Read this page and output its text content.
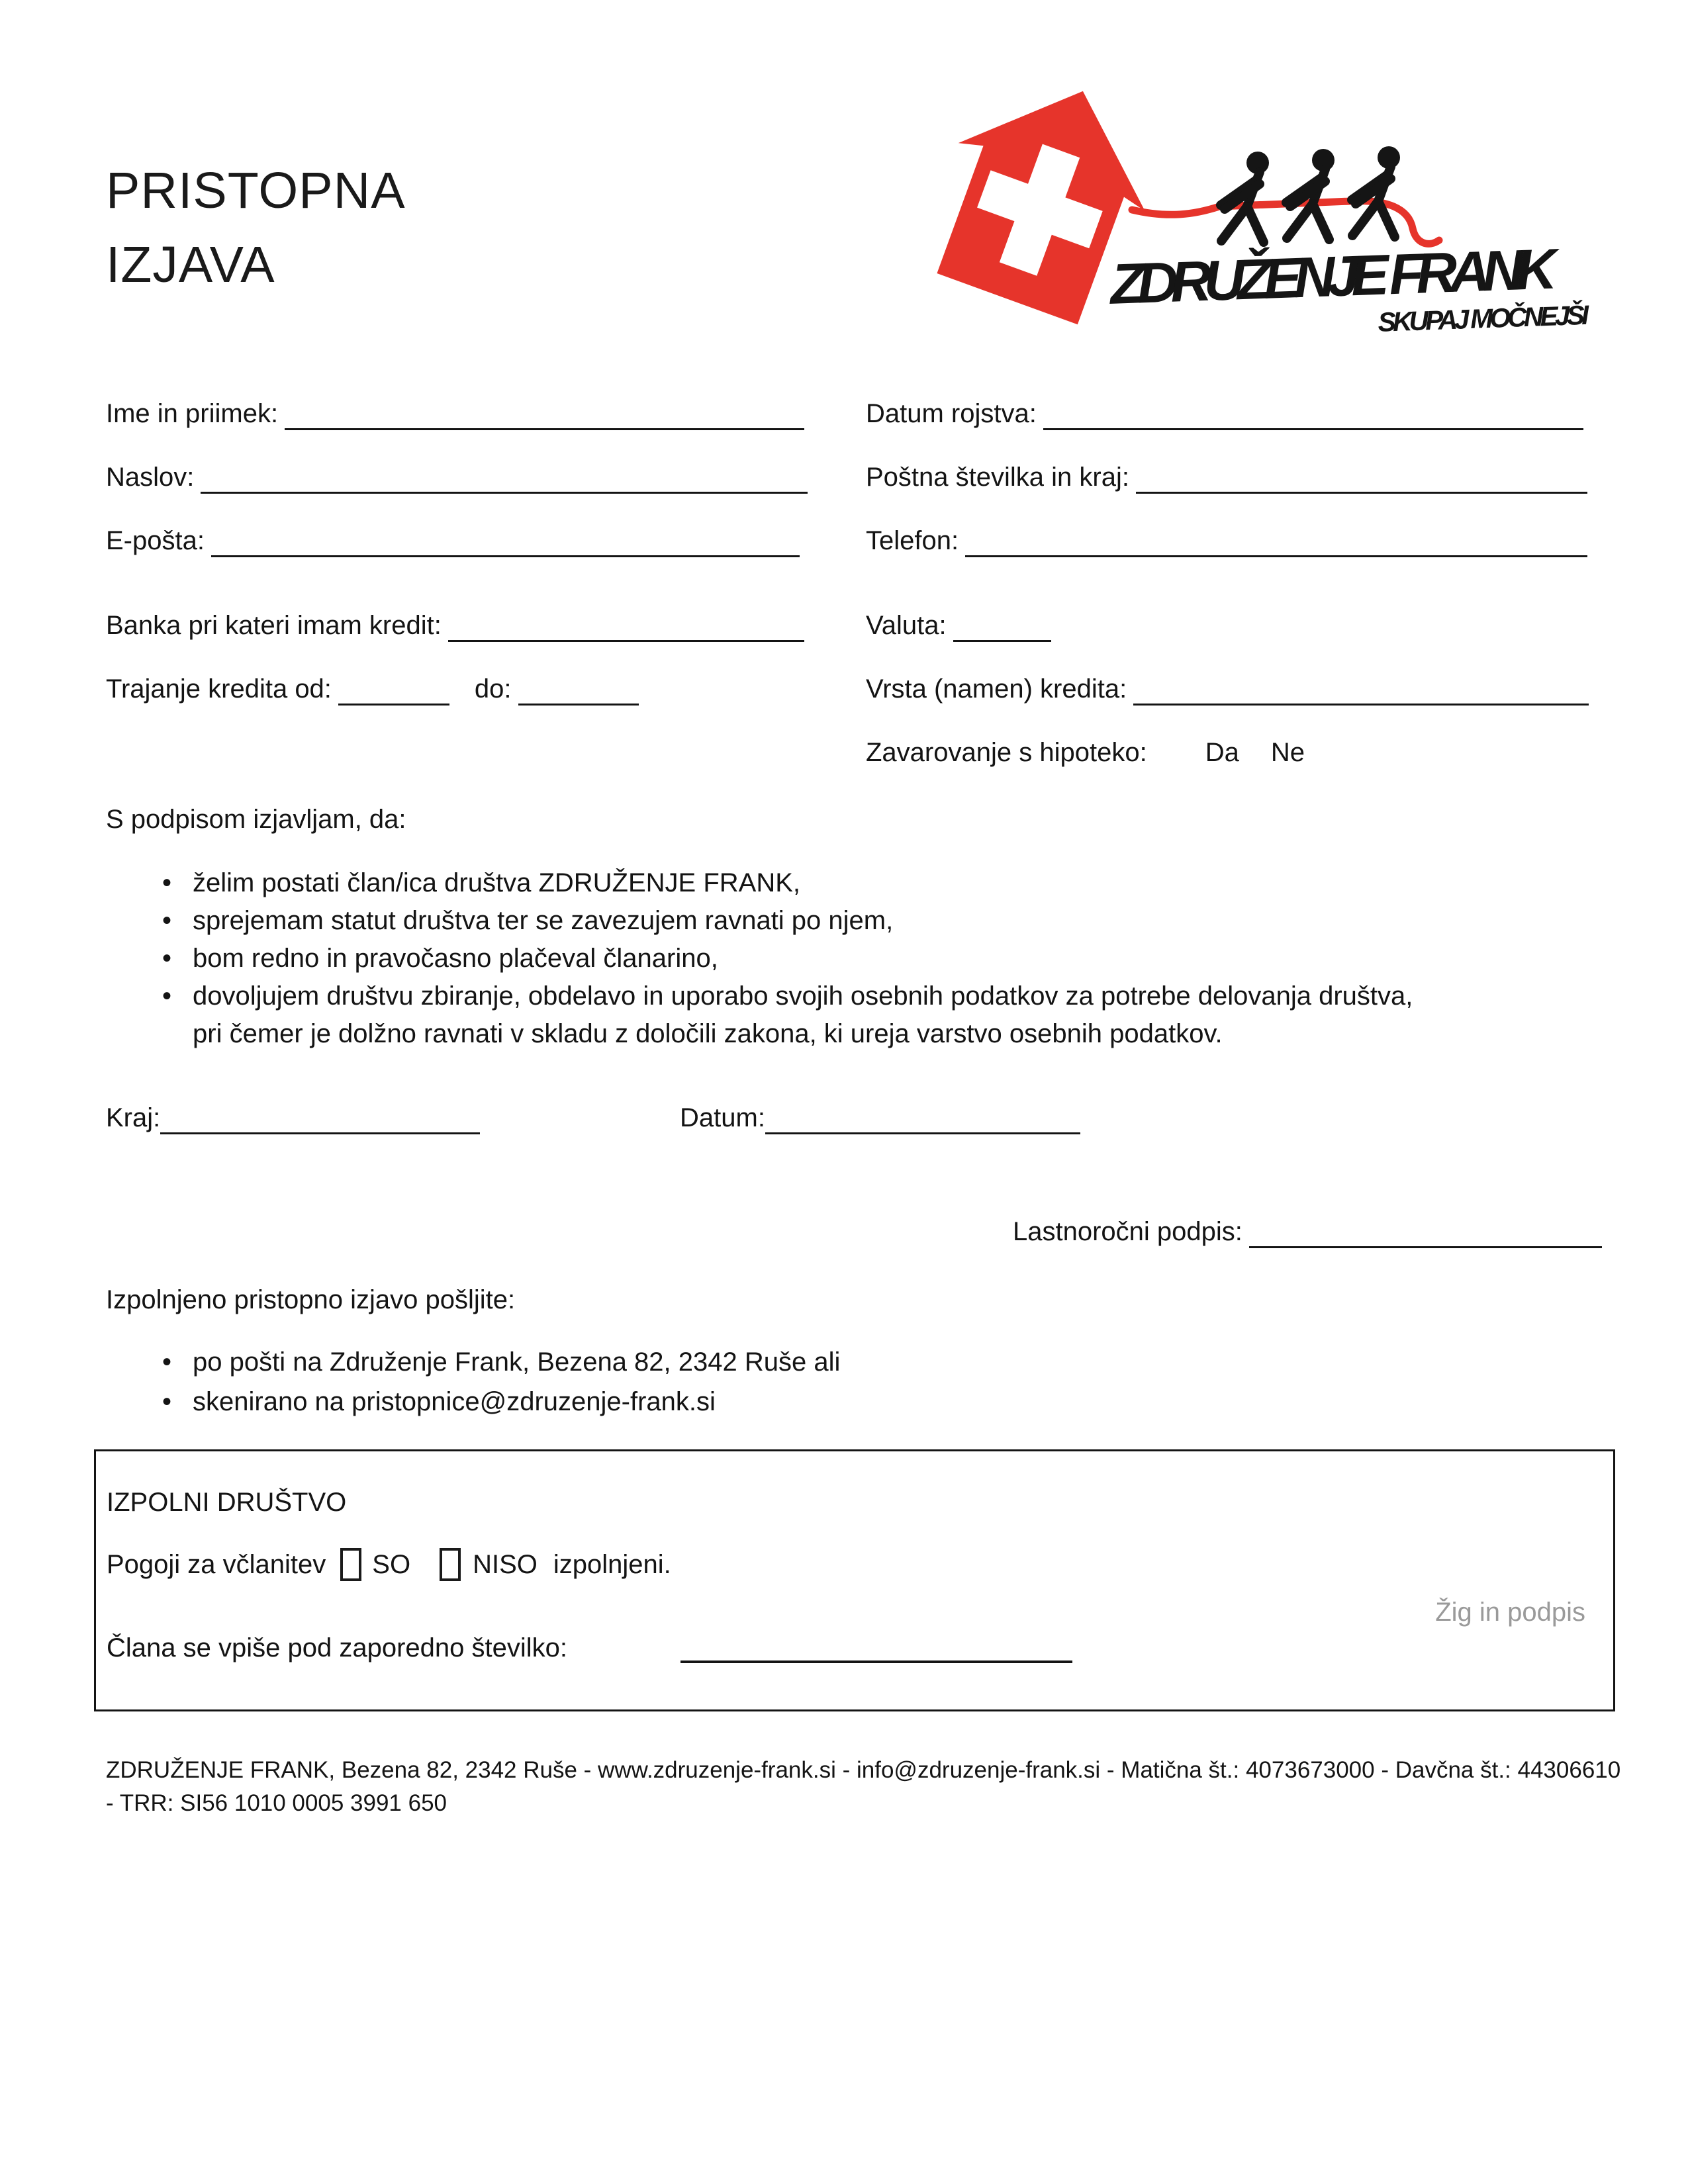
PRISTOPNA
IZJAVA	ZDRUŽENJE FRANK
SKUPAJ MOČNEJŠI
Ime in priimek:	Datum rojstva:
Naslov:	Poštna številka in kraj:
E-pošta:	Telefon:
Banka pri kateri imam kredit:	Valuta:
Trajanje kredita od:	do:	Vrsta (namen) kredita:
Zavarovanje s hipoteko: Da Ne
S podpisom izjavljam, da:
• želim postati član/ica društva ZDRUŽENJE FRANK,
• sprejemam statut društva ter se zavezujem ravnati po njem,
• bom redno in pravočasno plačeval članarino,
• dovoljujem društvu zbiranje, obdelavo in uporabo svojih osebnih podatkov za potrebe delovanja društva,
pri čemer je dolžno ravnati v skladu z določili zakona, ki ureja varstvo osebnih podatkov.
Kraj:	Datum:
Lastnoročni podpis:
Izpolnjeno pristopno izjavo pošljite:
• po pošti na Združenje Frank, Bezena 82, 2342 Ruše ali
• skenirano na pristopnice@zdruzenje-frank.si
IZPOLNI DRUŠTVO
Pogoji za včlanitev SO NISO izpolnjeni.
Žig in podpis
Člana se vpiše pod zaporedno številko:
ZDRUŽENJE FRANK, Bezena 82, 2342 Ruše - www.zdruzenje-frank.si - info@zdruzenje-frank.si - Matična št.: 4073673000 - Davčna št.: 44306610
- TRR: SI56 1010 0005 3991 650
